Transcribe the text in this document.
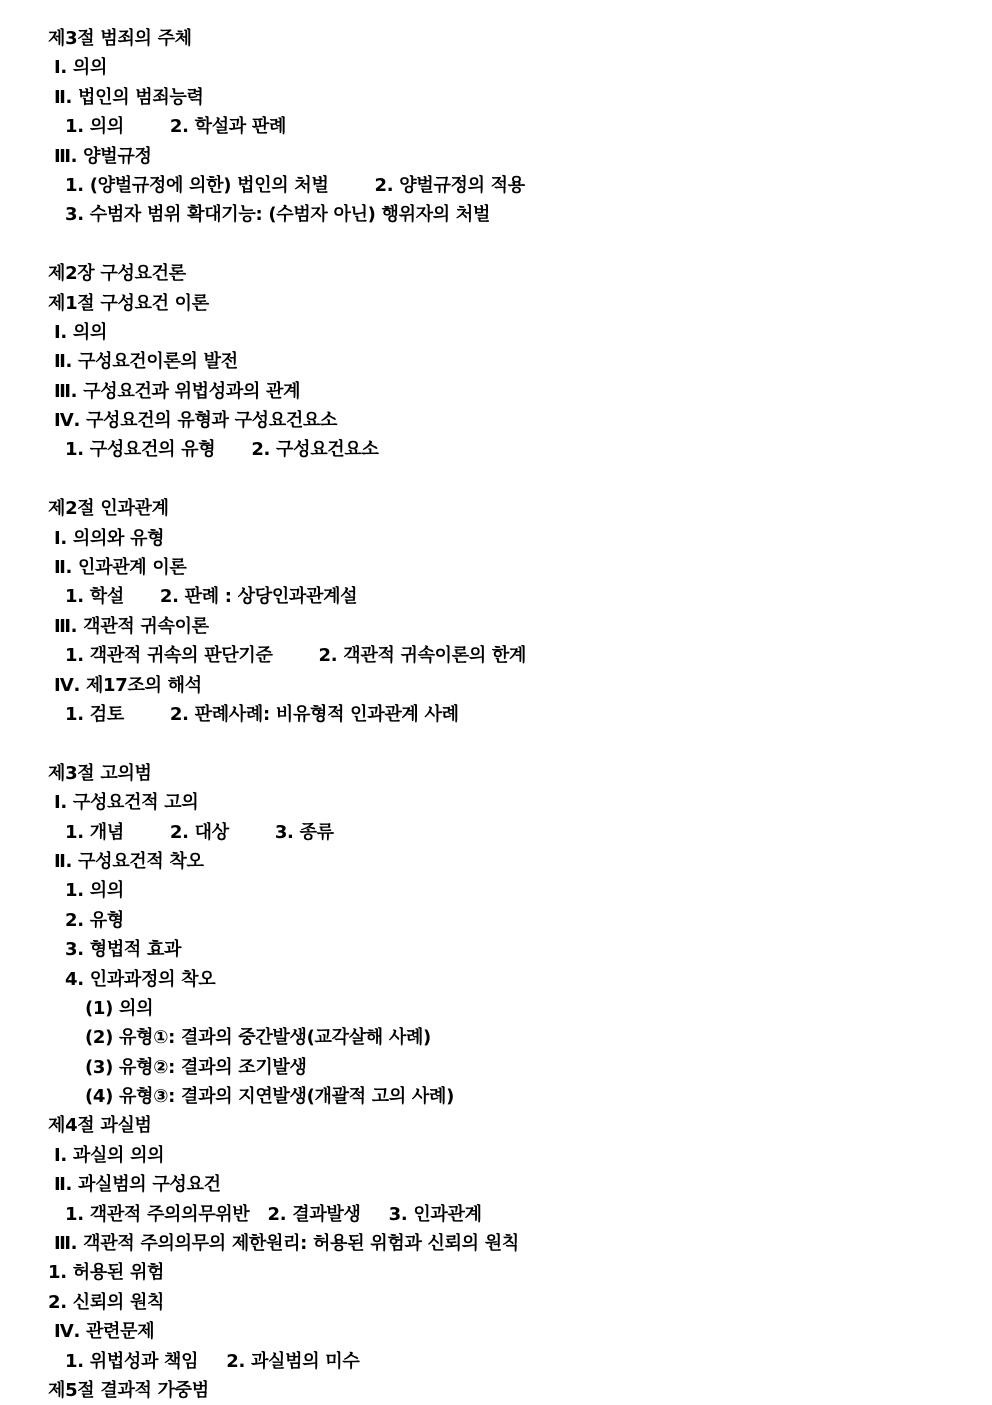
제3절 범죄의 주체
Ⅰ. 의의
Ⅱ. 법인의 범죄능력
1. 의의	2. 학설과 판례
Ⅲ. 양벌규정
1. (양벌규정에 의한) 법인의 처벌	2. 양벌규정의 적용
3. 수범자 범위 확대기능: (수범자 아닌) 행위자의 처벌
제2장 구성요건론
제1절 구성요건 이론
Ⅰ. 의의
Ⅱ. 구성요건이론의 발전
Ⅲ. 구성요건과 위법성과의 관계
Ⅳ. 구성요건의 유형과 구성요건요소
1. 구성요건의 유형 2. 구성요건요소
제2절 인과관계
Ⅰ. 의의와 유형
Ⅱ. 인과관계 이론
1. 학설 2. 판례 : 상당인과관계설
Ⅲ. 객관적 귀속이론
1. 객관적 귀속의 판단기준	2. 객관적 귀속이론의 한계
Ⅳ. 제17조의 해석
1. 검토	2. 판례사례: 비유형적 인과관계 사례
제3절 고의범
Ⅰ. 구성요건적 고의
1. 개념	2. 대상	3. 종류
Ⅱ. 구성요건적 착오
1. 의의
2. 유형
3. 형법적 효과
4. 인과과정의 착오
(1) 의의
(2) 유형①: 결과의 중간발생(교각살해 사례)
(3) 유형②: 결과의 조기발생
(4) 유형③: 결과의 지연발생(개괄적 고의 사례)
제4절 과실범
Ⅰ. 과실의 의의
Ⅱ. 과실범의 구성요건
1. 객관적 주의의무위반 2. 결과발생 3. 인과관계
Ⅲ. 객관적 주의의무의 제한원리: 허용된 위험과 신뢰의 원칙
1. 허용된 위험
2. 신뢰의 원칙
Ⅳ. 관련문제
1. 위법성과 책임 2. 과실범의 미수
제5절 결과적 가중범
